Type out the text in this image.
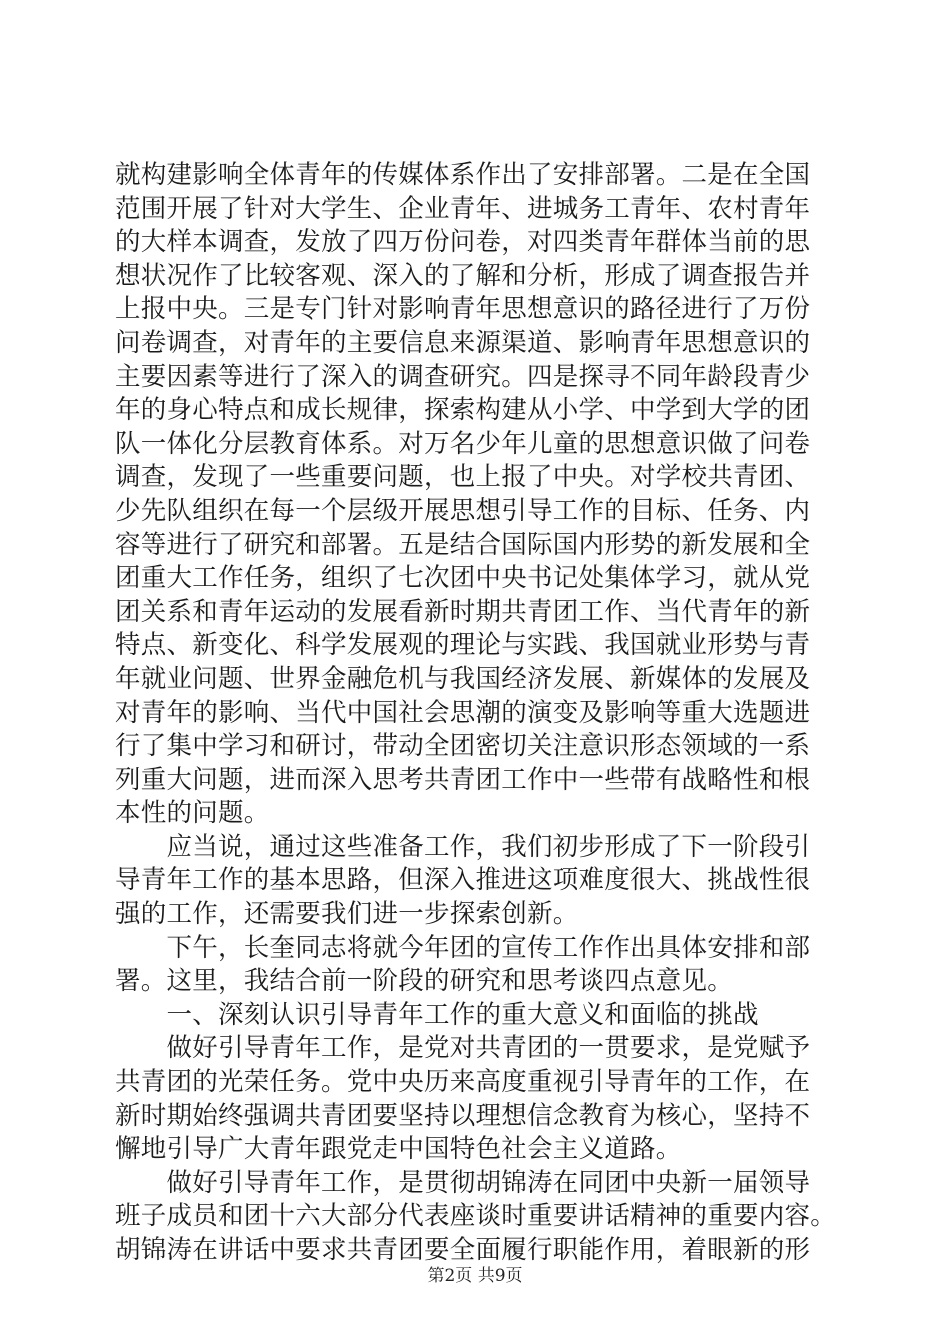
就构建影响全体青年的传媒体系作出了安排部署。二是在全国
范围开展了针对大学生、企业青年、进城务工青年、农村青年
的大样本调查，发放了四万份问卷，对四类青年群体当前的思
想状况作了比较客观、深入的了解和分析，形成了调查报告并
上报中央。三是专门针对影响青年思想意识的路径进行了万份
问卷调查，对青年的主要信息来源渠道、影响青年思想意识的
主要因素等进行了深入的调查研究。四是探寻不同年龄段青少
年的身心特点和成长规律，探索构建从小学、中学到大学的团
队一体化分层教育体系。对万名少年儿童的思想意识做了问卷
调查，发现了一些重要问题，也上报了中央。对学校共青团、
少先队组织在每一个层级开展思想引导工作的目标、任务、内
容等进行了研究和部署。五是结合国际国内形势的新发展和全
团重大工作任务，组织了七次团中央书记处集体学习，就从党
团关系和青年运动的发展看新时期共青团工作、当代青年的新
特点、新变化、科学发展观的理论与实践、我国就业形势与青
年就业问题、世界金融危机与我国经济发展、新媒体的发展及
对青年的影响、当代中国社会思潮的演变及影响等重大选题进
行了集中学习和研讨，带动全团密切关注意识形态领域的一系
列重大问题，进而深入思考共青团工作中一些带有战略性和根
本性的问题。
　　应当说，通过这些准备工作，我们初步形成了下一阶段引
导青年工作的基本思路，但深入推进这项难度很大、挑战性很
强的工作，还需要我们进一步探索创新。
　　下午，长奎同志将就今年团的宣传工作作出具体安排和部
署。这里，我结合前一阶段的研究和思考谈四点意见。
　　一、深刻认识引导青年工作的重大意义和面临的挑战
　　做好引导青年工作，是党对共青团的一贯要求，是党赋予
共青团的光荣任务。党中央历来高度重视引导青年的工作，在
新时期始终强调共青团要坚持以理想信念教育为核心，坚持不
懈地引导广大青年跟党走中国特色社会主义道路。
　　做好引导青年工作，是贯彻胡锦涛在同团中央新一届领导
班子成员和团十六大部分代表座谈时重要讲话精神的重要内容。
胡锦涛在讲话中要求共青团要全面履行职能作用，着眼新的形
第2页 共9页
